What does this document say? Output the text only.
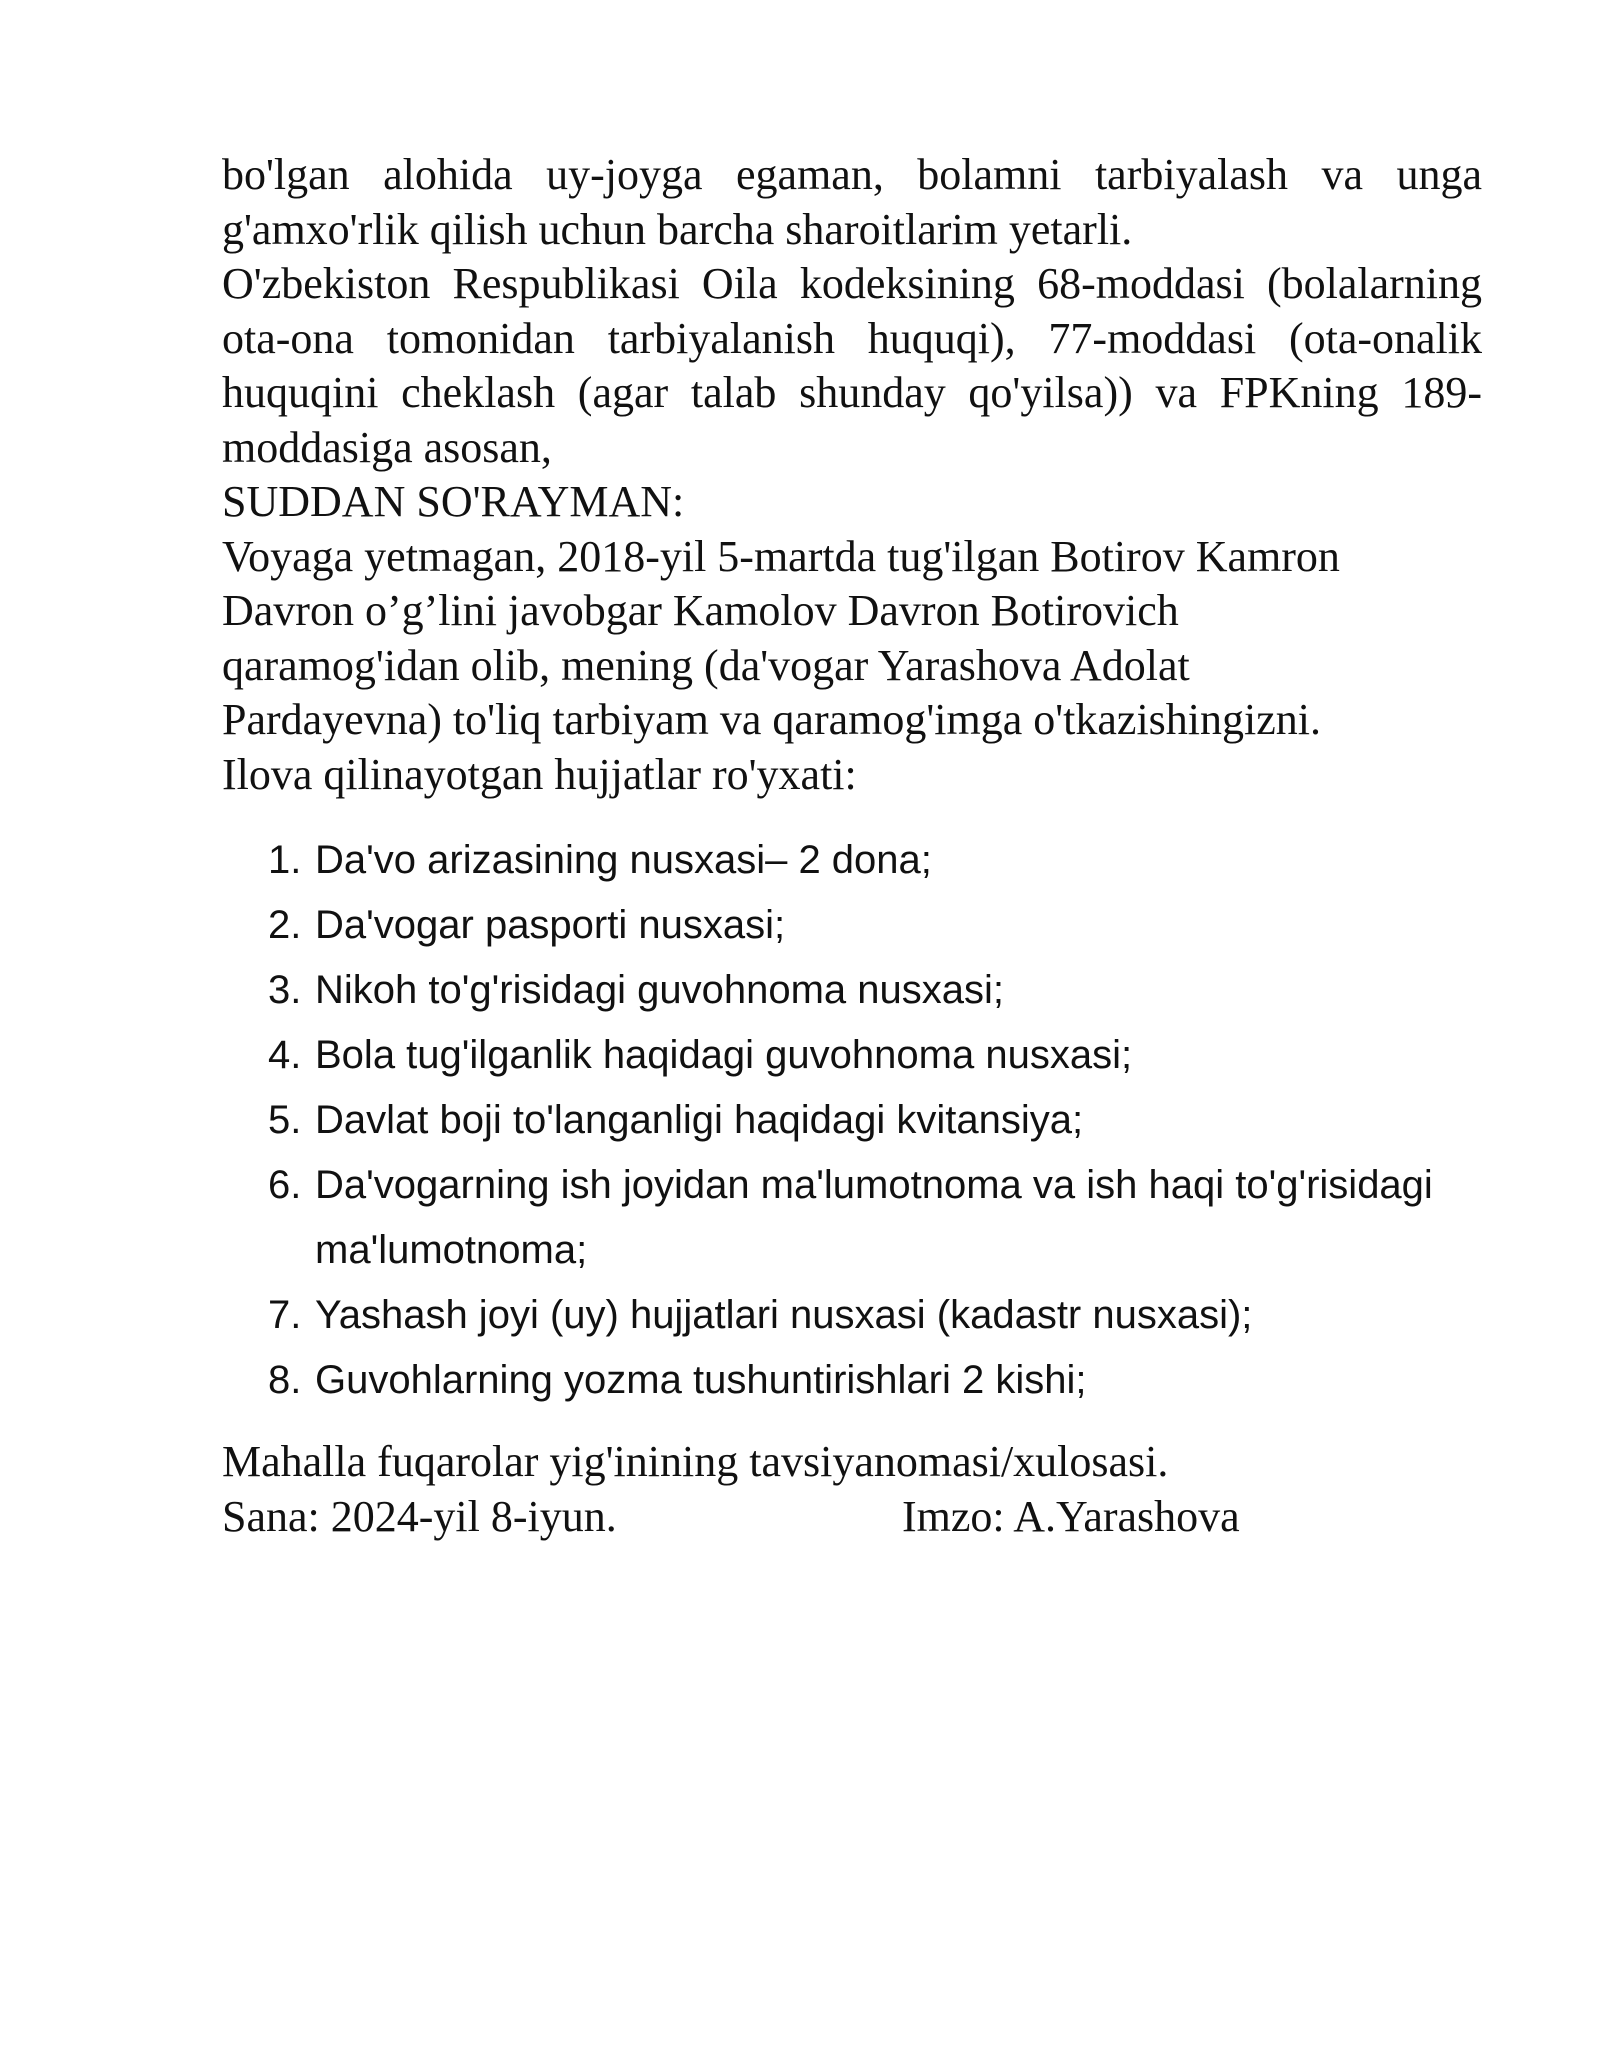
bo'lgan alohida uy-joyga egaman, bolamni tarbiyalash va unga g'amxo'rlik qilish uchun barcha sharoitlarim yetarli.

O'zbekiston Respublikasi Oila kodeksining 68-moddasi (bolalarning ota-ona tomonidan tarbiyalanish huquqi), 77-moddasi (ota-onalik huquqini cheklash (agar talab shunday qo'yilsa)) va FPKning 189-moddasiga asosan,

SUDDAN SO'RAYMAN:

Voyaga yetmagan, 2018-yil 5-martda tug'ilgan Botirov Kamron
Davron o’g’lini javobgar Kamolov Davron Botirovich
qaramog'idan olib, mening (da'vogar Yarashova Adolat
Pardayevna) to'liq tarbiyam va qaramog'imga o'tkazishingizni.

Ilova qilinayotgan hujjatlar ro'yxati:

1. Da'vo arizasining nusxasi– 2 dona;
2. Da'vogar pasporti nusxasi;
3. Nikoh to'g'risidagi guvohnoma nusxasi;
4. Bola tug'ilganlik haqidagi guvohnoma nusxasi;
5. Davlat boji to'langanligi haqidagi kvitansiya;
6. Da'vogarning ish joyidan ma'lumotnoma va ish haqi to'g'risidagi ma'lumotnoma;
7. Yashash joyi (uy) hujjatlari nusxasi (kadastr nusxasi);
8. Guvohlarning yozma tushuntirishlari 2 kishi;

Mahalla fuqarolar yig'inining tavsiyanomasi/xulosasi.

Sana: 2024-yil 8-iyun.	Imzo: A.Yarashova
